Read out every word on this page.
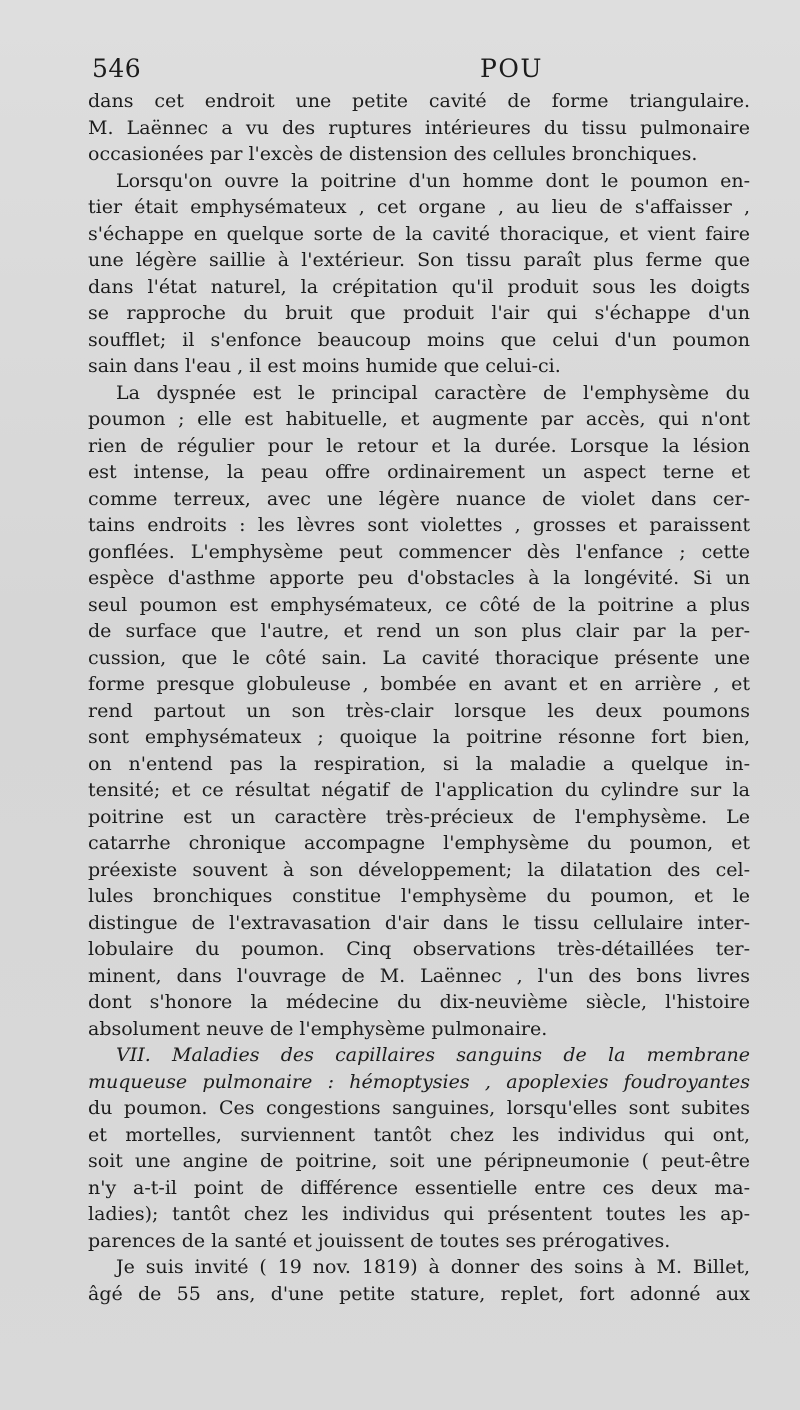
546	POU
dans cet endroit une petite cavité de forme triangulaire.
M. Laënnec a vu des ruptures intérieures du tissu pulmonaire
occasionées par l'excès de distension des cellules bronchiques.
Lorsqu'on ouvre la poitrine d'un homme dont le poumon en-
tier était emphysémateux , cet organe , au lieu de s'affaisser ,
s'échappe en quelque sorte de la cavité thoracique, et vient faire
une légère saillie à l'extérieur. Son tissu paraît plus ferme que
dans l'état naturel, la crépitation qu'il produit sous les doigts
se rapproche du bruit que produit l'air qui s'échappe d'un
soufflet; il s'enfonce beaucoup moins que celui d'un poumon
sain dans l'eau , il est moins humide que celui-ci.
La dyspnée est le principal caractère de l'emphysème du
poumon ; elle est habituelle, et augmente par accès, qui n'ont
rien de régulier pour le retour et la durée. Lorsque la lésion
est intense, la peau offre ordinairement un aspect terne et
comme terreux, avec une légère nuance de violet dans cer-
tains endroits : les lèvres sont violettes , grosses et paraissent
gonflées. L'emphysème peut commencer dès l'enfance ; cette
espèce d'asthme apporte peu d'obstacles à la longévité. Si un
seul poumon est emphysémateux, ce côté de la poitrine a plus
de surface que l'autre, et rend un son plus clair par la per-
cussion, que le côté sain. La cavité thoracique présente une
forme presque globuleuse , bombée en avant et en arrière , et
rend partout un son très-clair lorsque les deux poumons
sont emphysémateux ; quoique la poitrine résonne fort bien,
on n'entend pas la respiration, si la maladie a quelque in-
tensité; et ce résultat négatif de l'application du cylindre sur la
poitrine est un caractère très-précieux de l'emphysème. Le
catarrhe chronique accompagne l'emphysème du poumon, et
préexiste souvent à son développement; la dilatation des cel-
lules bronchiques constitue l'emphysème du poumon, et le
distingue de l'extravasation d'air dans le tissu cellulaire inter-
lobulaire du poumon. Cinq observations très-détaillées ter-
minent, dans l'ouvrage de M. Laënnec , l'un des bons livres
dont s'honore la médecine du dix-neuvième siècle, l'histoire
absolument neuve de l'emphysème pulmonaire.
VII. Maladies des capillaires sanguins de la membrane
muqueuse pulmonaire : hémoptysies , apoplexies foudroyantes
du poumon. Ces congestions sanguines, lorsqu'elles sont subites
et mortelles, surviennent tantôt chez les individus qui ont,
soit une angine de poitrine, soit une péripneumonie ( peut-être
n'y a-t-il point de différence essentielle entre ces deux ma-
ladies); tantôt chez les individus qui présentent toutes les ap-
parences de la santé et jouissent de toutes ses prérogatives.
Je suis invité ( 19 nov. 1819) à donner des soins à M. Billet,
âgé de 55 ans, d'une petite stature, replet, fort adonné aux
